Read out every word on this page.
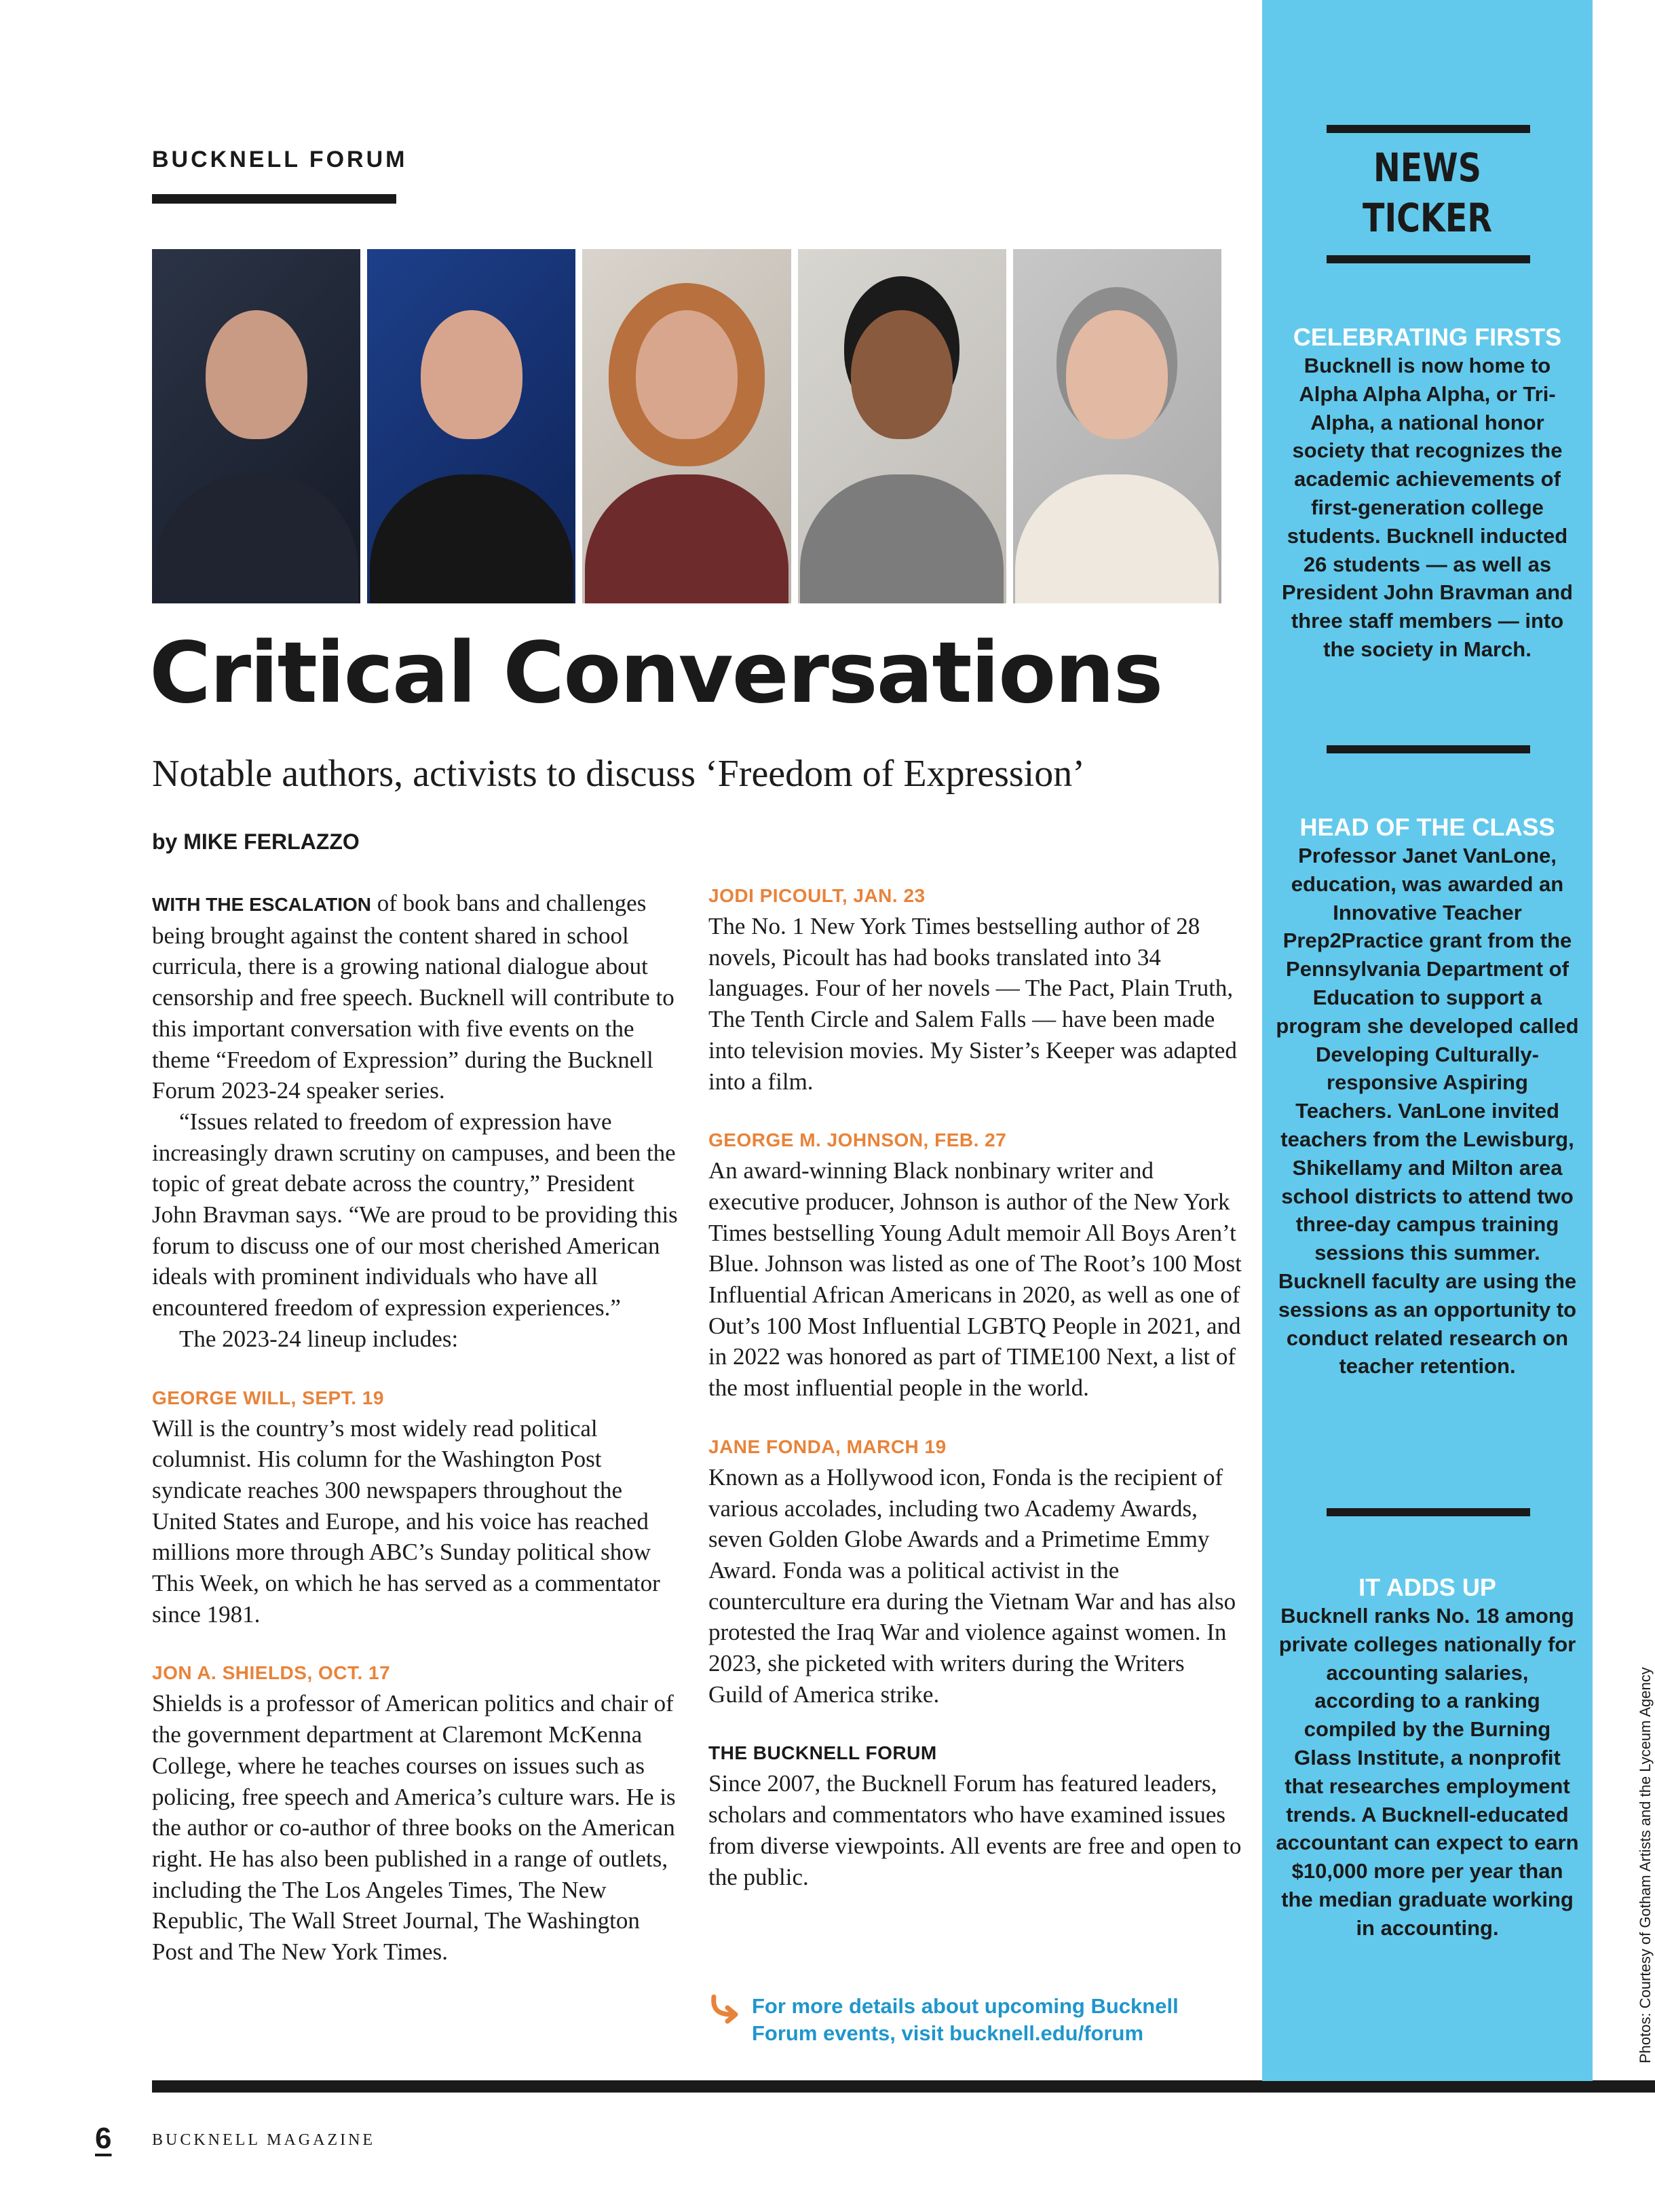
BUCKNELL FORUM
Critical Conversations
Notable authors, activists to discuss ‘Freedom of Expression’
by MIKE FERLAZZO

WITH THE ESCALATION of book bans and challenges being brought against the content shared in school curricula, there is a growing national dialogue about censorship and free speech. Bucknell will contribute to this important conversation with five events on the theme “Freedom of Expression” during the Bucknell Forum 2023-24 speaker series.

“Issues related to freedom of expression have increasingly drawn scrutiny on campuses, and been the topic of great debate across the country,” President John Bravman says. “We are proud to be providing this forum to discuss one of our most cherished American ideals with prominent individuals who have all encountered freedom of expression experiences.”

The 2023-24 lineup includes:

GEORGE WILL, SEPT. 19

Will is the country’s most widely read political columnist. His column for the Washington Post syndicate reaches 300 newspapers throughout the United States and Europe, and his voice has reached millions more through ABC’s Sunday political show This Week, on which he has served as a commentator since 1981.

JON A. SHIELDS, OCT. 17

Shields is a professor of American politics and chair of the government department at Claremont McKenna College, where he teaches courses on issues such as policing, free speech and America’s culture wars. He is the author or co-author of three books on the American right. He has also been published in a range of outlets, including the The Los Angeles Times, The New Republic, The Wall Street Journal, The Washington Post and The New York Times.

JODI PICOULT, JAN. 23

The No. 1 New York Times bestselling author of 28 novels, Picoult has had books translated into 34 languages. Four of her novels — The Pact, Plain Truth, The Tenth Circle and Salem Falls — have been made into television movies. My Sister’s Keeper was adapted into a film.

GEORGE M. JOHNSON, FEB. 27

An award-winning Black nonbinary writer and executive producer, Johnson is author of the New York Times bestselling Young Adult memoir All Boys Aren’t Blue. Johnson was listed as one of The Root’s 100 Most Influential African Americans in 2020, as well as one of Out’s 100 Most Influential LGBTQ People in 2021, and in 2022 was honored as part of TIME100 Next, a list of the most influential people in the world.

JANE FONDA, MARCH 19

Known as a Hollywood icon, Fonda is the recipient of various accolades, including two Academy Awards, seven Golden Globe Awards and a Primetime Emmy Award. Fonda was a political activist in the counterculture era during the Vietnam War and has also protested the Iraq War and violence against women. In 2023, she picketed with writers during the Writers Guild of America strike.

THE BUCKNELL FORUM

Since 2007, the Bucknell Forum has featured leaders, scholars and commentators who have examined issues from diverse viewpoints. All events are free and open to the public.

For more details about upcoming Bucknell Forum events, visit bucknell.edu/forum
6 BUCKNELL MAGAZINE
NEWS
TICKER
CELEBRATING FIRSTS
Bucknell is now home to Alpha Alpha Alpha, or Tri-Alpha, a national honor society that recognizes the academic achievements of first-generation college students. Bucknell inducted 26 students — as well as President John Bravman and three staff members — into the society in March.
HEAD OF THE CLASS
Professor Janet VanLone, education, was awarded an Innovative Teacher Prep2Practice grant from the Pennsylvania Department of Education to support a program she developed called Developing Culturally-responsive Aspiring Teachers. VanLone invited teachers from the Lewisburg, Shikellamy and Milton area school districts to attend two three-day campus training sessions this summer. Bucknell faculty are using the sessions as an opportunity to conduct related research on teacher retention.
IT ADDS UP
Bucknell ranks No. 18 among private colleges nationally for accounting salaries, according to a ranking compiled by the Burning Glass Institute, a nonprofit that researches employment trends. A Bucknell-educated accountant can expect to earn $10,000 more per year than the median graduate working in accounting.	Photos: Courtesy of Gotham Artists and the Lyceum Agency
